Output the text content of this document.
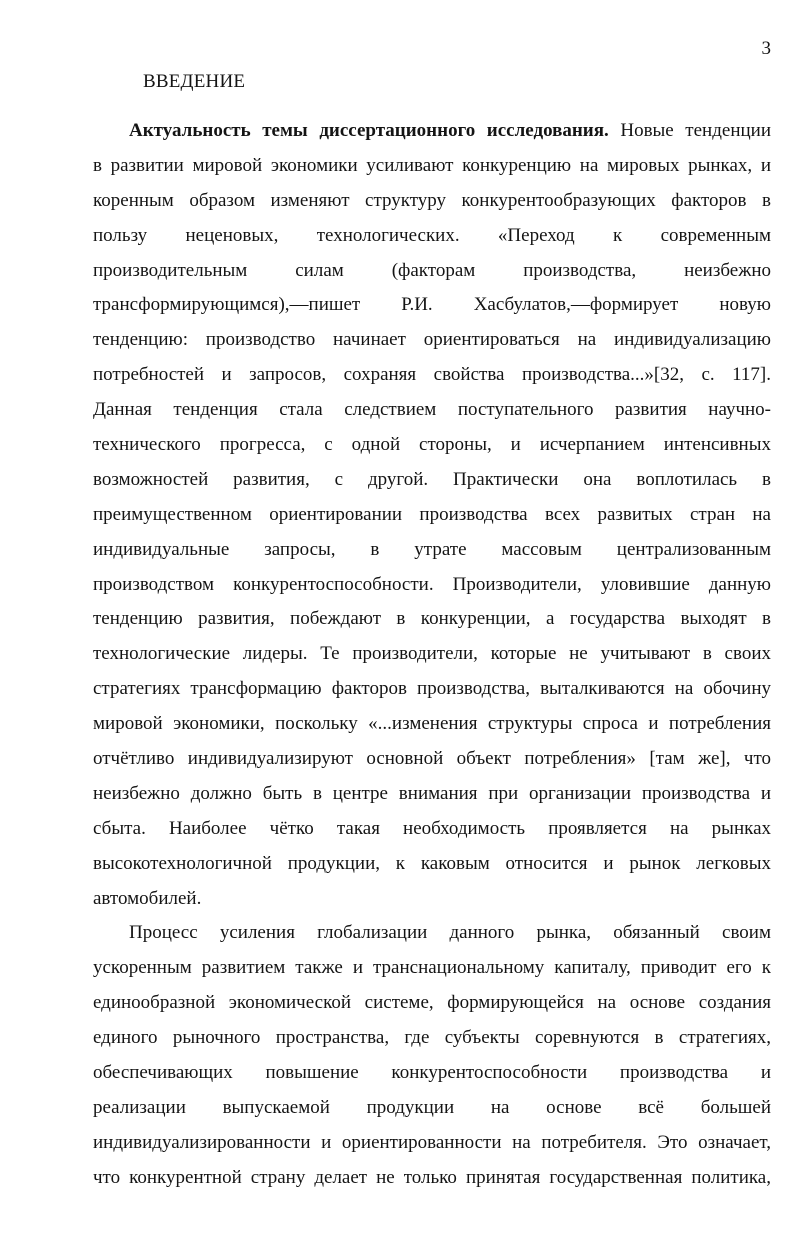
3
ВВЕДЕНИЕ
Актуальность темы диссертационного исследования. Новые тенденции
в развитии мировой экономики усиливают конкуренцию на мировых рынках, и
коренным образом изменяют структуру конкурентообразующих факторов в
пользу неценовых, технологических. «Переход к современным
производительным силам (факторам производства, неизбежно
трансформирующимся),—пишет Р.И. Хасбулатов,—формирует новую
тенденцию: производство начинает ориентироваться на индивидуализацию
потребностей и запросов, сохраняя свойства производства...»[32, с. 117].
Данная тенденция стала следствием поступательного развития научно-
технического прогресса, с одной стороны, и исчерпанием интенсивных
возможностей развития, с другой. Практически она воплотилась в
преимущественном ориентировании производства всех развитых стран на
индивидуальные запросы, в утрате массовым централизованным
производством конкурентоспособности. Производители, уловившие данную
тенденцию развития, побеждают в конкуренции, а государства выходят в
технологические лидеры. Те производители, которые не учитывают в своих
стратегиях трансформацию факторов производства, выталкиваются на обочину
мировой экономики, поскольку «...изменения структуры спроса и потребления
отчётливо индивидуализируют основной объект потребления» [там же], что
неизбежно должно быть в центре внимания при организации производства и
сбыта. Наиболее чётко такая необходимость проявляется на рынках
высокотехнологичной продукции, к каковым относится и рынок легковых
автомобилей.
Процесс усиления глобализации данного рынка, обязанный своим
ускоренным развитием также и транснациональному капиталу, приводит его к
единообразной экономической системе, формирующейся на основе создания
единого рыночного пространства, где субъекты соревнуются в стратегиях,
обеспечивающих повышение конкурентоспособности производства и
реализации выпускаемой продукции на основе всё большей
индивидуализированности и ориентированности на потребителя. Это означает,
что конкурентной страну делает не только принятая государственная политика,
